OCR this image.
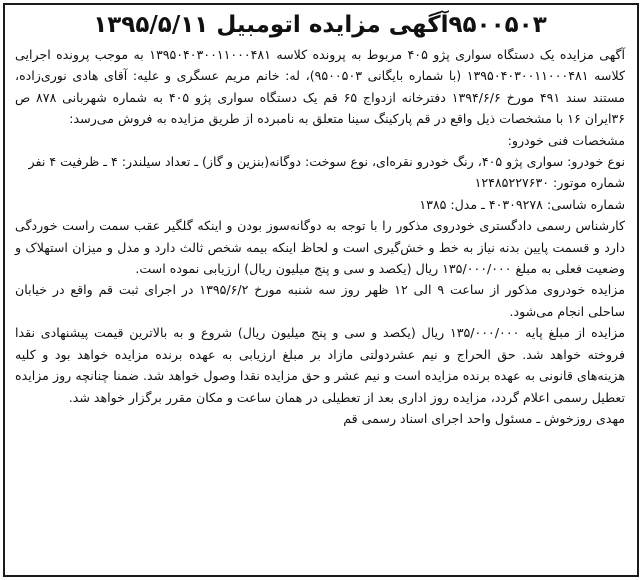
۹۵۰۰۵۰۳آگهی مزایده اتومبیل ۱۳۹۵/۵/۱۱

آگهی مزایده یک دستگاه سواری پژو ۴۰۵ مربوط به پرونده کلاسه ۱۳۹۵۰۴۰۳۰۰۱۱۰۰۰۴۸۱ به موجب پرونده اجرایی کلاسه ۱۳۹۵۰۴۰۳۰۰۱۱۰۰۰۴۸۱ (با شماره بایگانی ۹۵۰۰۵۰۳)، له: خانم مریم عسگری و علیه: آقای هادی نوری‌زاده، مستند سند ۴۹۱ مورخ ۱۳۹۴/۶/۶ دفترخانه ازدواج ۶۵ قم یک دستگاه سواری پژو ۴۰۵ به شماره شهربانی ۸۷۸ ص ۳۶ایران ۱۶ با مشخصات ذیل واقع در قم پارکینگ سینا متعلق به نامبرده از طریق مزایده به فروش می‌رسد:

مشخصات فنی خودرو:

نوع خودرو: سواری پژو ۴۰۵، رنگ خودرو نقره‌ای، نوع سوخت: دوگانه(بنزین و گاز) ـ تعداد سیلندر: ۴ ـ ظرفیت ۴ نفر

شماره موتور: ۱۲۴۸۵۲۲۷۶۳۰

شماره شاسی: ۴۰۳۰۹۲۷۸ ـ مدل: ۱۳۸۵

کارشناس رسمی دادگستری خودروی مذکور را با توجه به دوگانه‌سوز بودن و اینکه گلگیر عقب سمت راست خوردگی دارد و قسمت پایین بدنه نیاز به خط و خش‌گیری است و لحاظ اینکه بیمه شخص ثالث دارد و مدل و میزان استهلاک و وضعیت فعلی به مبلغ ۱۳۵/۰۰۰/۰۰۰ ریال (یکصد و سی و پنج میلیون ریال) ارزیابی نموده است.

مزایده خودروی مذکور از ساعت ۹ الی ۱۲ ظهر روز سه شنبه مورخ ۱۳۹۵/۶/۲ در اجرای ثبت قم واقع در خیابان ساحلی انجام می‌شود.

مزایده از مبلغ پایه ۱۳۵/۰۰۰/۰۰۰ ریال (یکصد و سی و پنج میلیون ریال) شروع و به بالاترین قیمت پیشنهادی نقدا فروخته خواهد شد. حق الحراج و نیم عشردولتی مازاد بر مبلغ ارزیابی به عهده برنده مزایده خواهد بود و کلیه هزینه‌های قانونی به عهده برنده مزایده است و نیم عشر و حق مزایده نقدا وصول خواهد شد. ضمنا چنانچه روز مزایده تعطیل رسمی اعلام گردد، مزایده روز اداری بعد از تعطیلی در همان ساعت و مکان مقرر برگزار خواهد شد.

مهدی روزخوش ـ مسئول واحد اجرای اسناد رسمی قم
